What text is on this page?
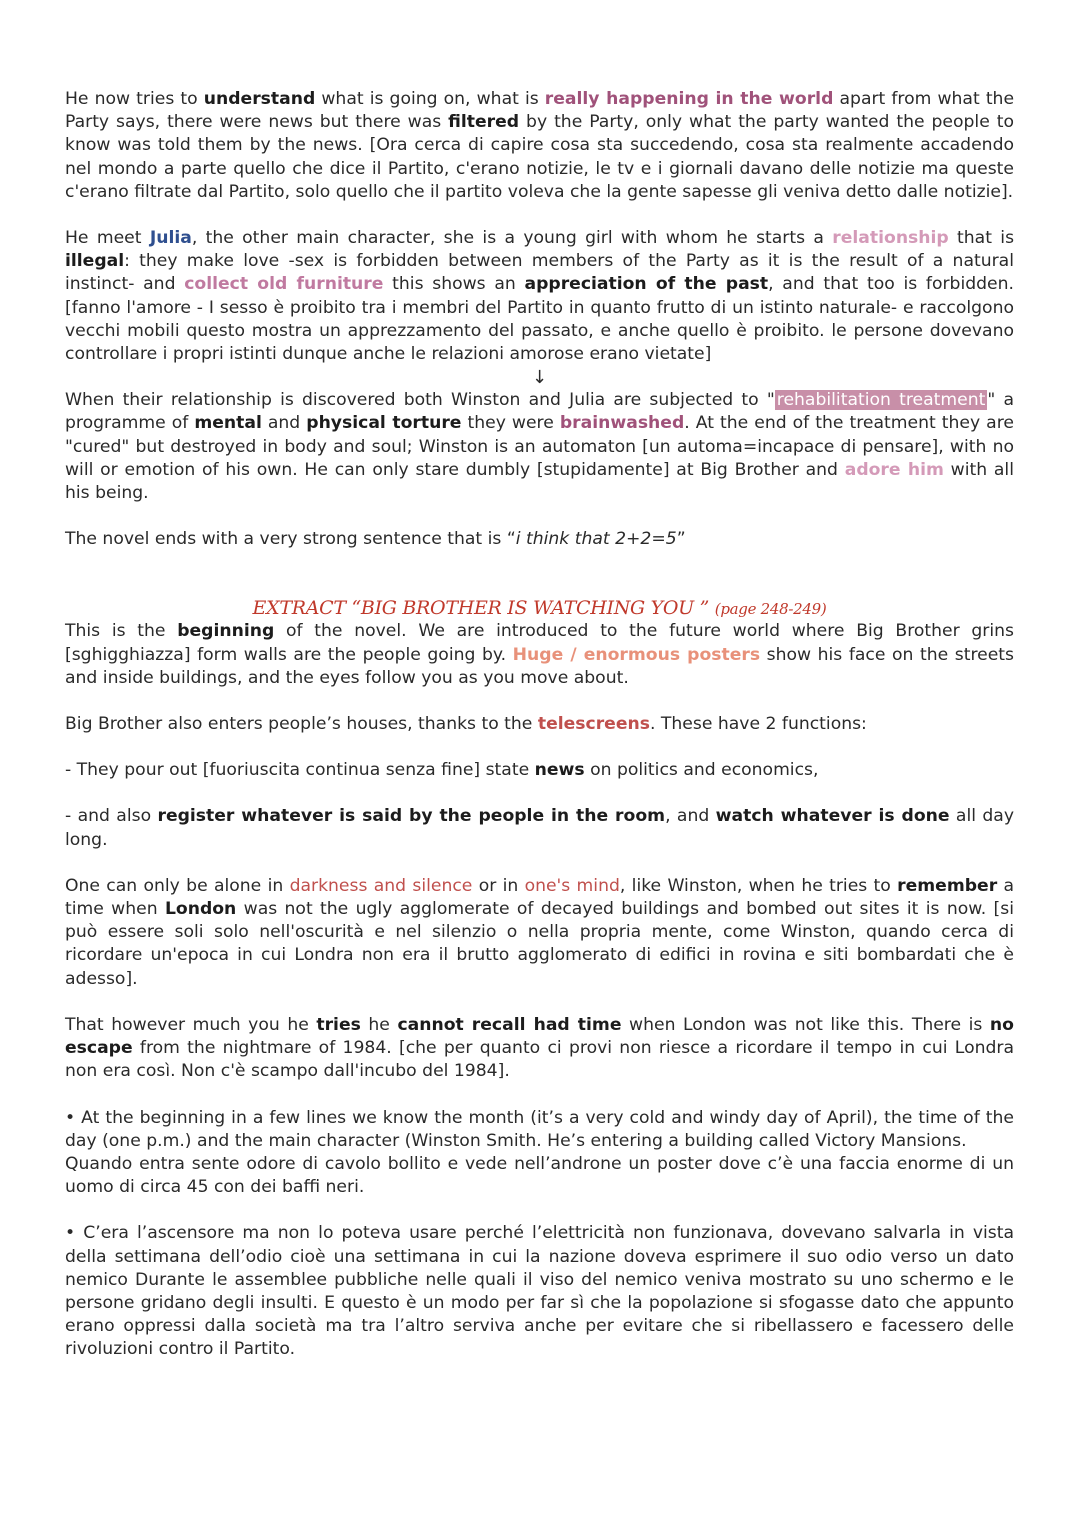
He now tries to understand what is going on, what is really happening in the world apart from what the Party says, there were news but there was filtered by the Party, only what the party wanted the people to know was told them by the news. [Ora cerca di capire cosa sta succedendo, cosa sta realmente accadendo nel mondo a parte quello che dice il Partito, c'erano notizie, le tv e i giornali davano delle notizie ma queste c'erano filtrate dal Partito, solo quello che il partito voleva che la gente sapesse gli veniva detto dalle notizie].

He meet Julia, the other main character, she is a young girl with whom he starts a relationship that is illegal: they make love -sex is forbidden between members of the Party as it is the result of a natural instinct- and collect old furniture this shows an appreciation of the past, and that too is forbidden. [fanno l'amore - I sesso è proibito tra i membri del Partito in quanto frutto di un istinto naturale- e raccolgono vecchi mobili questo mostra un apprezzamento del passato, e anche quello è proibito. le persone dovevano controllare i propri istinti dunque anche le relazioni amorose erano vietate]

↓

When their relationship is discovered both Winston and Julia are subjected to " rehabilitation treatment " a programme of mental and physical torture they were brainwashed. At the end of the treatment they are "cured" but destroyed in body and soul; Winston is an automaton [un automa=incapace di pensare], with no will or emotion of his own. He can only stare dumbly [stupidamente] at Big Brother and adore him with all his being.

The novel ends with a very strong sentence that is “i think that 2+2=5”

EXTRACT “BIG BROTHER IS WATCHING YOU ” (page 248-249)

This is the beginning of the novel. We are introduced to the future world where Big Brother grins [sghigghiazza] form walls are the people going by. Huge / enormous posters show his face on the streets and inside buildings, and the eyes follow you as you move about.

Big Brother also enters people’s houses, thanks to the telescreens. These have 2 functions:

- They pour out [fuoriuscita continua senza fine] state news on politics and economics,

- and also register whatever is said by the people in the room, and watch whatever is done all day long.

One can only be alone in darkness and silence or in one's mind, like Winston, when he tries to remember a time when London was not the ugly agglomerate of decayed buildings and bombed out sites it is now. [si può essere soli solo nell'oscurità e nel silenzio o nella propria mente, come Winston, quando cerca di ricordare un'epoca in cui Londra non era il brutto agglomerato di edifici in rovina e siti bombardati che è adesso].

That however much you he tries he cannot recall had time when London was not like this. There is no escape from the nightmare of 1984. [che per quanto ci provi non riesce a ricordare il tempo in cui Londra non era così. Non c'è scampo dall'incubo del 1984].

• At the beginning in a few lines we know the month (it’s a very cold and windy day of April), the time of the day (one p.m.) and the main character (Winston Smith. He’s entering a building called Victory Mansions.

Quando entra sente odore di cavolo bollito e vede nell’androne un poster dove c’è una faccia enorme di un uomo di circa 45 con dei baffi neri.

• C’era l’ascensore ma non lo poteva usare perché l’elettricità non funzionava, dovevano salvarla in vista della settimana dell’odio cioè una settimana in cui la nazione doveva esprimere il suo odio verso un dato nemico Durante le assemblee pubbliche nelle quali il viso del nemico veniva mostrato su uno schermo e le persone gridano degli insulti. E questo è un modo per far sì che la popolazione si sfogasse dato che appunto erano oppressi dalla società ma tra l’altro serviva anche per evitare che si ribellassero e facessero delle rivoluzioni contro il Partito.
